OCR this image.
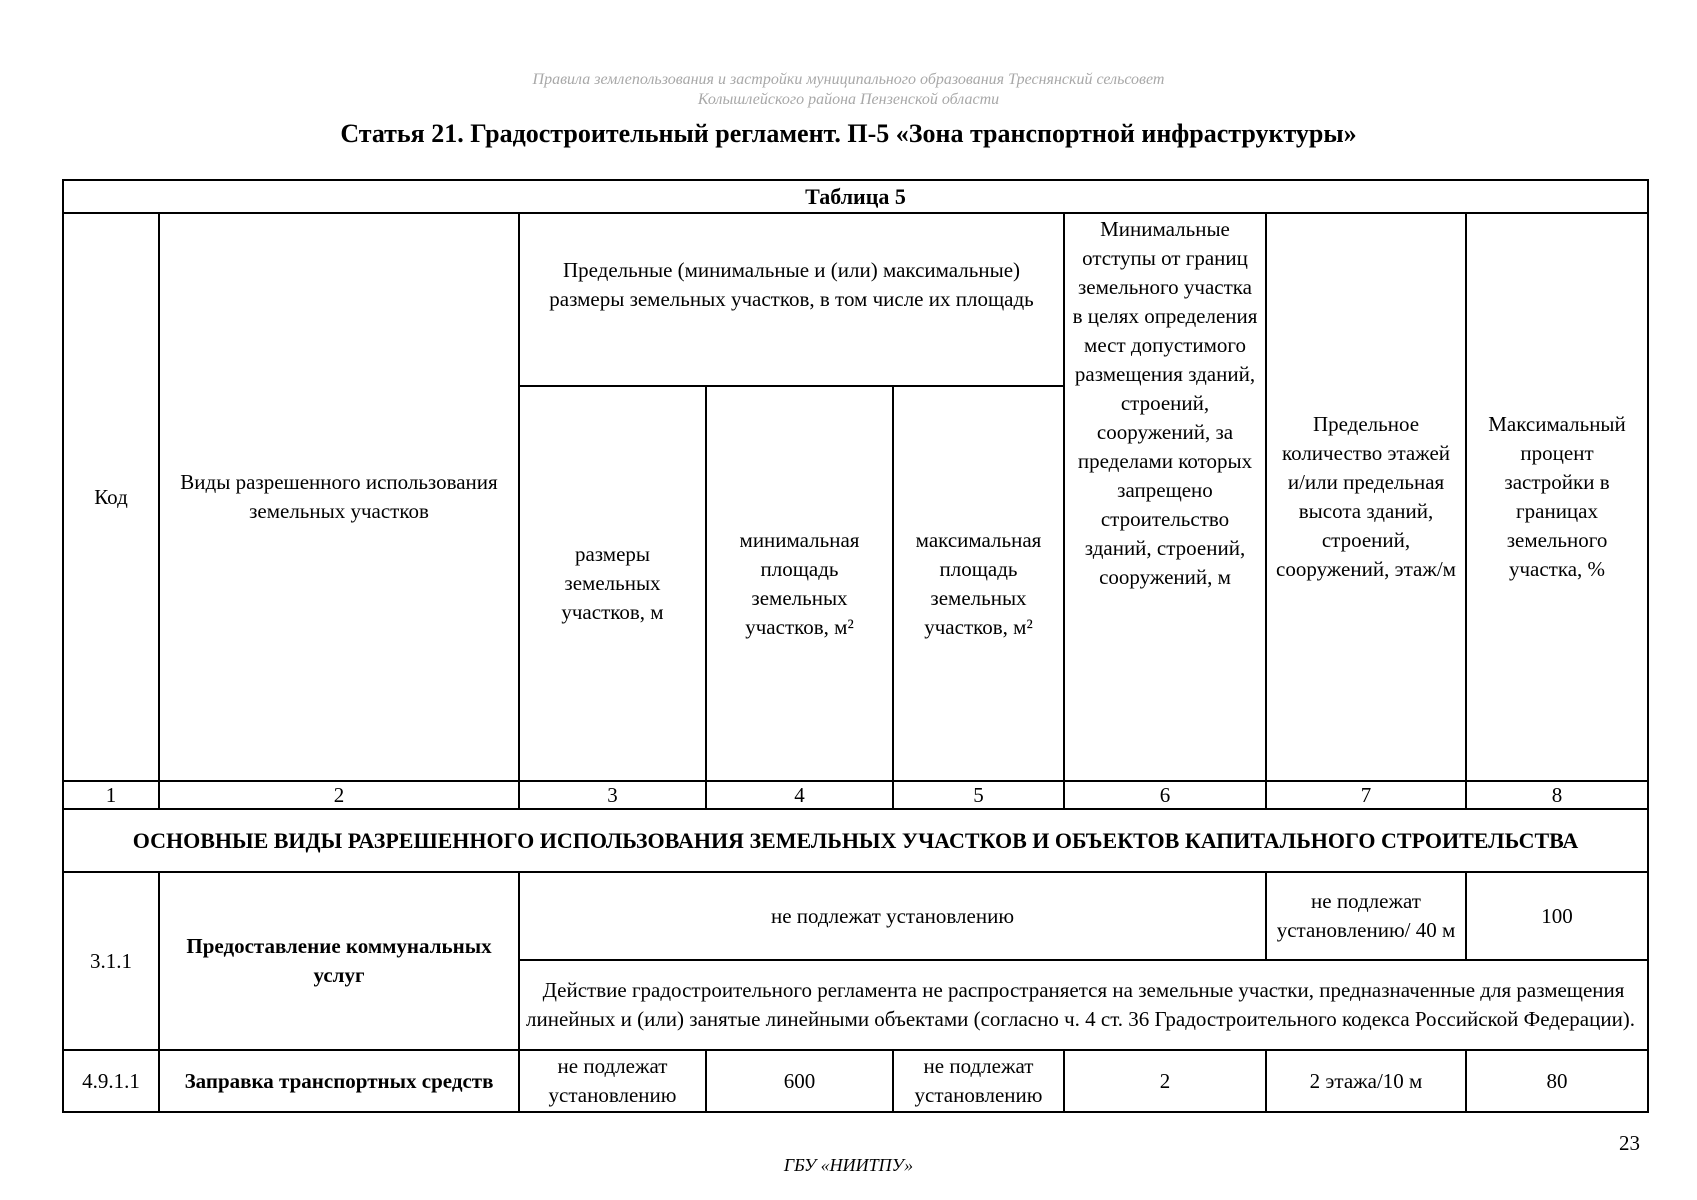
Правила землепользования и застройки муниципального образования Треснянский сельсовет
Колышлейского района Пензенской области
Статья 21. Градостроительный регламент. П-5 «Зона транспортной инфраструктуры»
Таблица 5							
Код	Виды разрешенного использования земельных участков	Предельные (минимальные и (или) максимальные) размеры земельных участков, в том числе их площадь			Минимальные отступы от границ земельного участка в целях определения мест допустимого размещения зданий, строений, сооружений, за пределами которых запрещено строительство зданий, строений, сооружений, м	Предельное количество этажей и/или предельная высота зданий, строений, сооружений, этаж/м	Максимальный процент застройки в границах земельного участка, %
		размеры земельных участков, м	минимальная площадь земельных участков, м²	максимальная площадь земельных участков, м²			
1	2	3	4	5	6	7	8
ОСНОВНЫЕ ВИДЫ РАЗРЕШЕННОГО ИСПОЛЬЗОВАНИЯ ЗЕМЕЛЬНЫХ УЧАСТКОВ И ОБЪЕКТОВ КАПИТАЛЬНОГО СТРОИТЕЛЬСТВА							
3.1.1	Предоставление коммунальных услуг	не подлежат установлению				не подлежат установлению/ 40 м	100
		Действие градостроительного регламента не распространяется на земельные участки, предназначенные для размещения линейных и (или) занятые линейными объектами (согласно ч. 4 ст. 36 Градостроительного кодекса Российской Федерации).					
4.9.1.1	Заправка транспортных средств	не подлежат установлению	600	не подлежат установлению	2	2 этажа/10 м	80
23
ГБУ «НИИТПУ»
